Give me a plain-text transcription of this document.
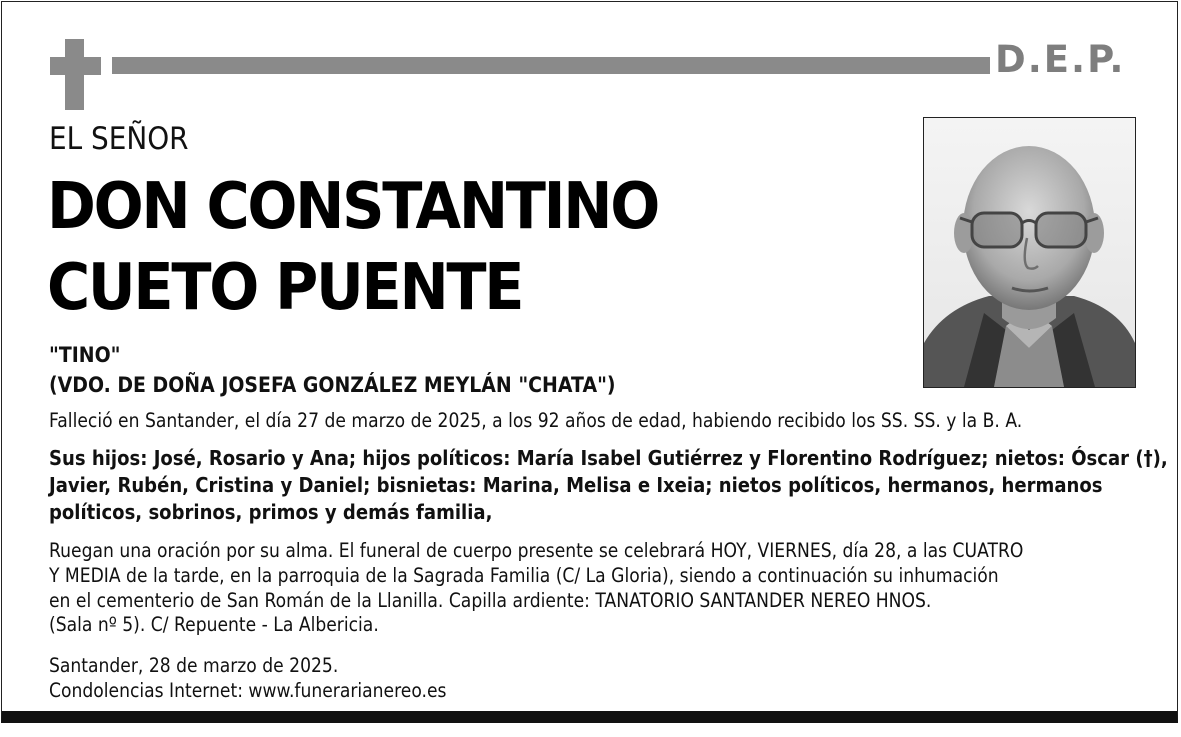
D.E.P.
EL SEÑOR
DON CONSTANTINO
CUETO PUENTE
"TINO"
(VDO. DE DOÑA JOSEFA GONZÁLEZ MEYLÁN "CHATA")
Falleció en Santander, el día 27 de marzo de 2025, a los 92 años de edad, habiendo recibido los SS. SS. y la B. A.
Sus hijos: José, Rosario y Ana; hijos políticos: María Isabel Gutiérrez y Florentino Rodríguez; nietos: Óscar (†),
Javier, Rubén, Cristina y Daniel; bisnietas: Marina, Melisa e Ixeia; nietos políticos, hermanos, hermanos
políticos, sobrinos, primos y demás familia,
Ruegan una oración por su alma. El funeral de cuerpo presente se celebrará HOY, VIERNES, día 28, a las CUATRO
Y MEDIA de la tarde, en la parroquia de la Sagrada Familia (C/ La Gloria), siendo a continuación su inhumación
en el cementerio de San Román de la Llanilla. Capilla ardiente: TANATORIO SANTANDER NEREO HNOS.
(Sala nº 5). C/ Repuente - La Albericia.
Santander, 28 de marzo de 2025.
Condolencias Internet: www.funerarianereo.es
